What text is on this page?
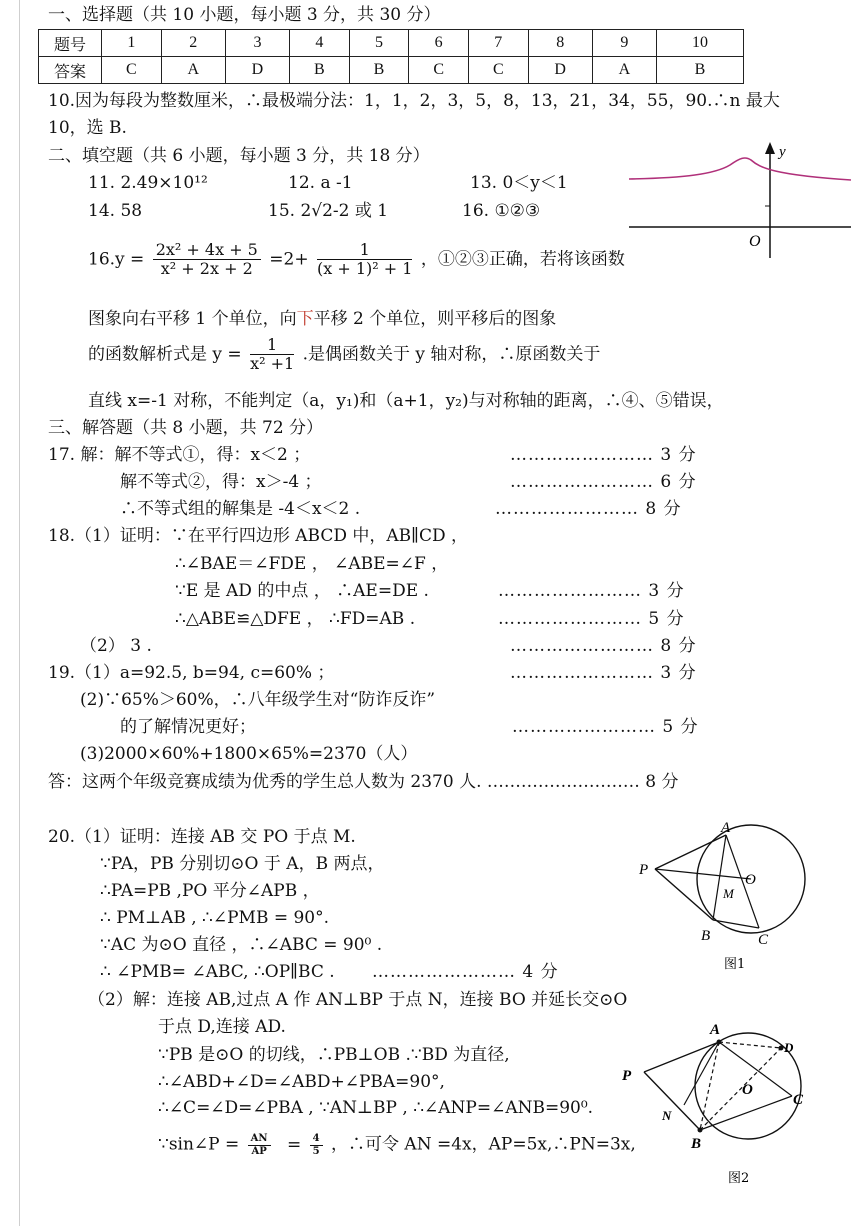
一、选择题（共 10 小题，每小题 3 分，共 30 分）
题号	1	2	3	4	5	6	7	8	9	10
答案	C	A	D	B	B	C	C	D	A	B
10.因为每段为整数厘米，∴最极端分法：1，1，2，3，5，8，13，21，34，55，90.∴n 最大
10，选 B.
二、填空题（共 6 小题，每小题 3 分，共 18 分）
11. 2.49×10¹²	12. a -1	13. 0＜y＜1
14. 58	15. 2√2-2 或 1	16. ①②③
y
O
$16.y = \frac{\text{2x² + 4x + 5}}{\text{x² + 2x + 2}} =2+ \frac{1}{\text{(x + 1)² + 1}}$ ，①②③正确，若将该函数
图象向右平移 1 个单位，向下平移 2 个单位，则平移后的图象
的函数解析式是 $y = \frac{1}{\text{x² +1}}$ .是偶函数关于 y 轴对称，∴原函数关于
直线 x=-1 对称，不能判定（a，y₁)和（a+1，y₂)与对称轴的距离，∴④、⑤错误，
三、解答题（共 8 小题，共 72 分）
17. 解：解不等式①，得：x＜2 ；	…………………… 3 分
解不等式②，得：x＞-4 ；	…………………… 6 分
∴不等式组的解集是 -4＜x＜2 .	…………………… 8 分
18.（1）证明：∵在平行四边形 ABCD 中，AB∥CD ，
∴∠BAE＝∠FDE ， ∠ABE=∠F ，
∵E 是 AD 的中点 ， ∴AE=DE .	…………………… 3 分
∴△ABE≌△DFE ， ∴FD=AB .	…………………… 5 分
（2） 3 .	…………………… 8 分
19.（1）a=92.5, b=94, c=60% ；	…………………… 3 分
(2)∵65%＞60%，∴八年级学生对“防诈反诈”
的了解情况更好；	…………………… 5 分
(3)2000×60%+1800×65%=2370（人）
答：这两个年级竞赛成绩为优秀的学生总人数为 2370 人. ……………………… 8 分
20.（1）证明：连接 AB 交 PO 于点 M.
∵PA，PB 分别切⊙O 于 A，B 两点，
∴PA=PB ,PO 平分∠APB ，
∴ PM⊥AB , ∴∠PMB = 90°.
∵AC 为⊙O 直径 ，∴∠ABC = 90⁰ .
∴ ∠PMB= ∠ABC, ∴OP∥BC . …………………… 4 分
（2）解：连接 AB,过点 A 作 AN⊥BP 于点 N，连接 BO 并延长交⊙O
于点 D,连接 AD.
∵PB 是⊙O 的切线，∴PB⊥OB .∵BD 为直径,
∴∠ABD+∠D=∠ABD+∠PBA=90°,
∴∠C=∠D=∠PBA , ∵AN⊥BP , ∴∠ANP=∠ANB=90⁰.
∵sin∠P = $\frac{AN}{AP} = \frac{4}{5}$ ，∴可令 AN =4x，AP=5x,∴PN=3x,
A
B	C
P
O
M
图1
A
B
C
D
P
O
N
图2
